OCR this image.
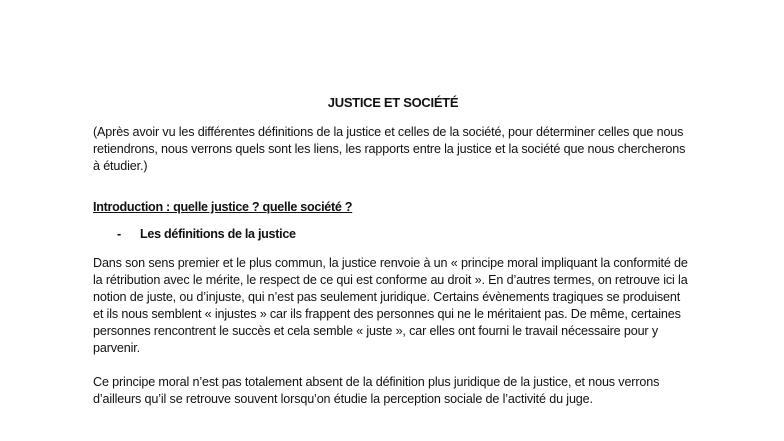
JUSTICE ET SOCIÉTÉ

(Après avoir vu les différentes définitions de la justice et celles de la société, pour déterminer celles que nous retiendrons, nous verrons quels sont les liens, les rapports entre la justice et la société que nous chercherons à étudier.)

Introduction : quelle justice ? quelle société ?
-	Les définitions de la justice

Dans son sens premier et le plus commun, la justice renvoie à un « principe moral impliquant la conformité de la rétribution avec le mérite, le respect de ce qui est conforme au droit ». En d’autres termes, on retrouve ici la notion de juste, ou d’injuste, qui n’est pas seulement juridique. Certains évènements tragiques se produisent et ils nous semblent « injustes » car ils frappent des personnes qui ne le méritaient pas. De même, certaines personnes rencontrent le succès et cela semble « juste », car elles ont fourni le travail nécessaire pour y parvenir.

Ce principe moral n’est pas totalement absent de la définition plus juridique de la justice, et nous verrons d’ailleurs qu’il se retrouve souvent lorsqu’on étudie la perception sociale de l’activité du juge.
